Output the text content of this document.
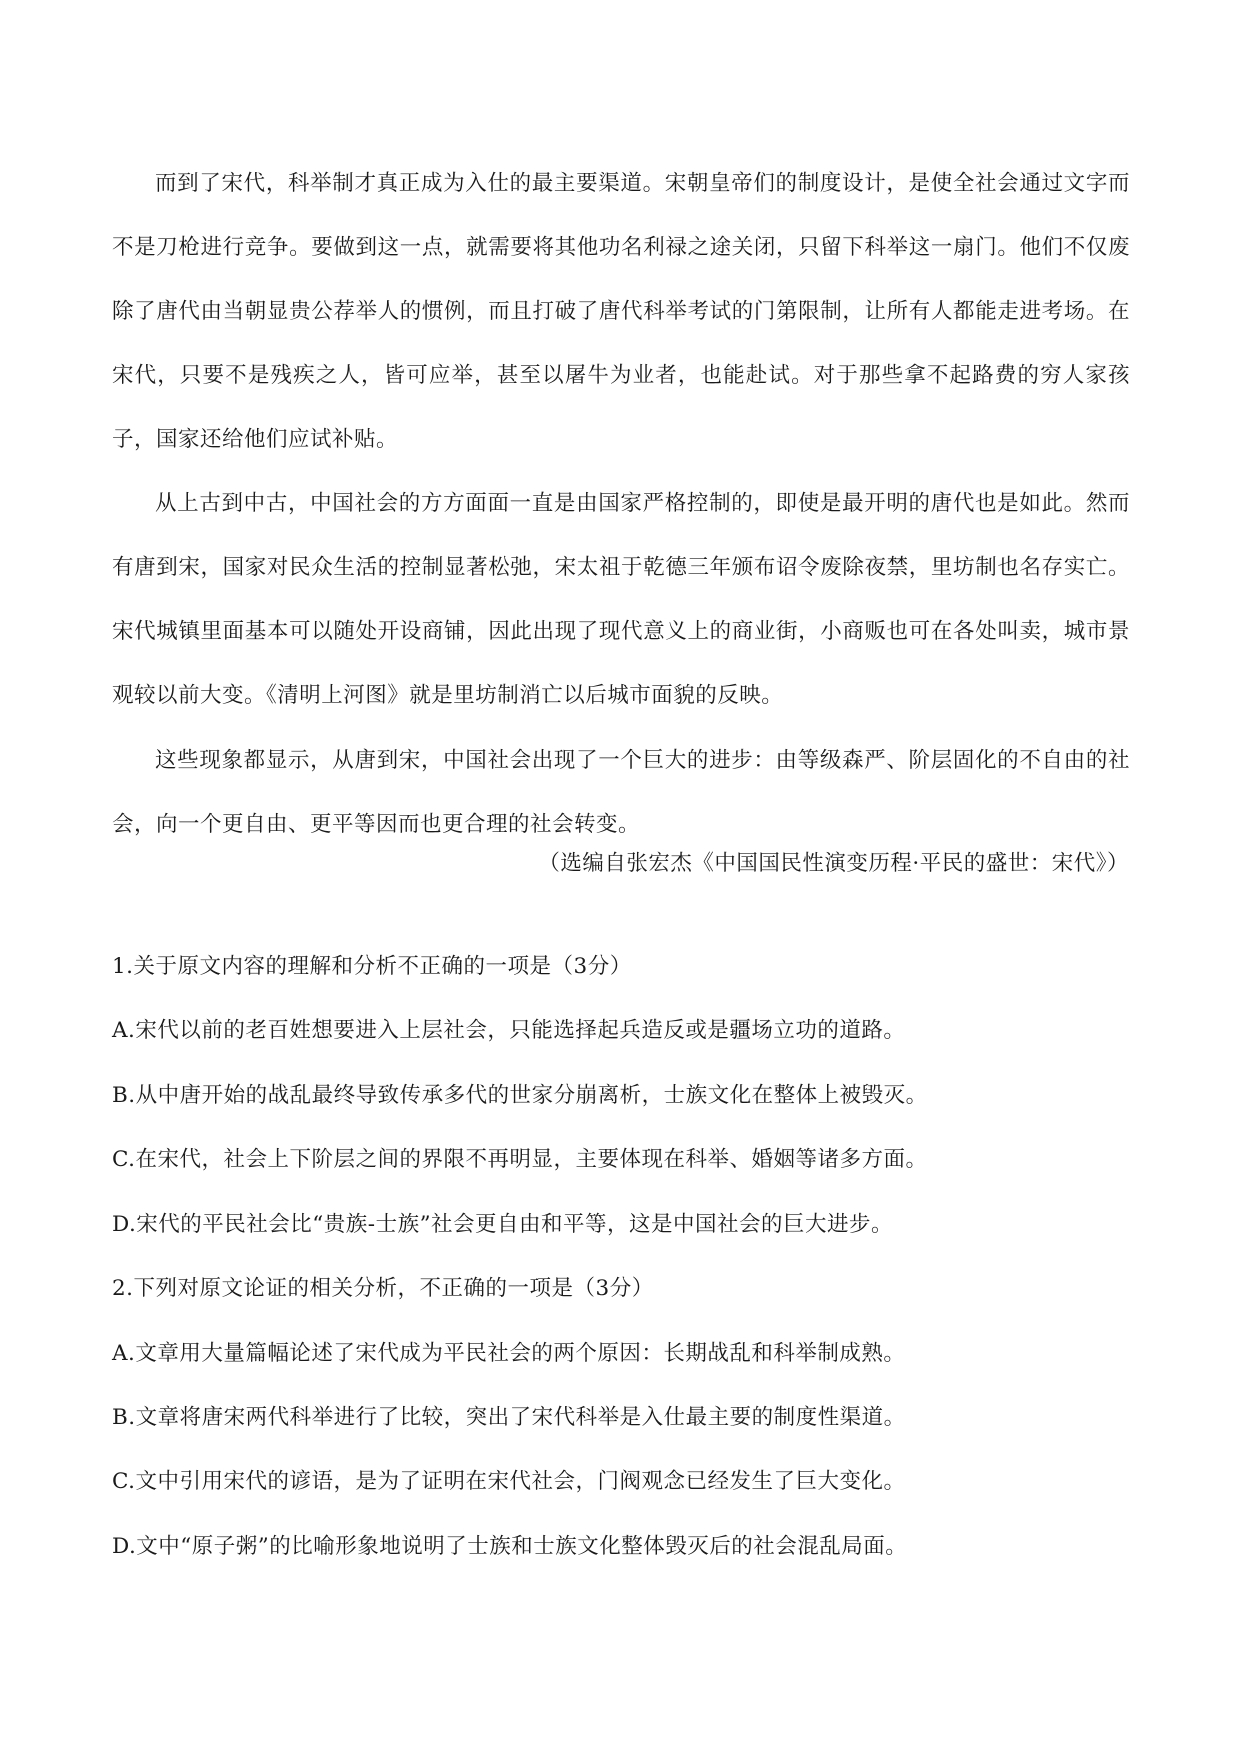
而到了宋代，科举制才真正成为入仕的最主要渠道。宋朝皇帝们的制度设计，是使全社会通过文字而不是刀枪进行竞争。要做到这一点，就需要将其他功名利禄之途关闭，只留下科举这一扇门。他们不仅废除了唐代由当朝显贵公荐举人的惯例，而且打破了唐代科举考试的门第限制，让所有人都能走进考场。在宋代，只要不是残疾之人，皆可应举，甚至以屠牛为业者，也能赴试。对于那些拿不起路费的穷人家孩子，国家还给他们应试补贴。

从上古到中古，中国社会的方方面面一直是由国家严格控制的，即使是最开明的唐代也是如此。然而有唐到宋，国家对民众生活的控制显著松弛，宋太祖于乾德三年颁布诏令废除夜禁，里坊制也名存实亡。宋代城镇里面基本可以随处开设商铺，因此出现了现代意义上的商业街，小商贩也可在各处叫卖，城市景观较以前大变。《清明上河图》就是里坊制消亡以后城市面貌的反映。

这些现象都显示，从唐到宋，中国社会出现了一个巨大的进步：由等级森严、阶层固化的不自由的社会，向一个更自由、更平等因而也更合理的社会转变。

（选编自张宏杰《中国国民性演变历程·平民的盛世：宋代》）
1.关于原文内容的理解和分析不正确的一项是（3分）
A.宋代以前的老百姓想要进入上层社会，只能选择起兵造反或是疆场立功的道路。
B.从中唐开始的战乱最终导致传承多代的世家分崩离析，士族文化在整体上被毁灭。
C.在宋代，社会上下阶层之间的界限不再明显，主要体现在科举、婚姻等诸多方面。
D.宋代的平民社会比“贵族-士族”社会更自由和平等，这是中国社会的巨大进步。
2.下列对原文论证的相关分析，不正确的一项是（3分）
A.文章用大量篇幅论述了宋代成为平民社会的两个原因：长期战乱和科举制成熟。
B.文章将唐宋两代科举进行了比较，突出了宋代科举是入仕最主要的制度性渠道。
C.文中引用宋代的谚语，是为了证明在宋代社会，门阀观念已经发生了巨大变化。
D.文中“原子粥”的比喻形象地说明了士族和士族文化整体毁灭后的社会混乱局面。
